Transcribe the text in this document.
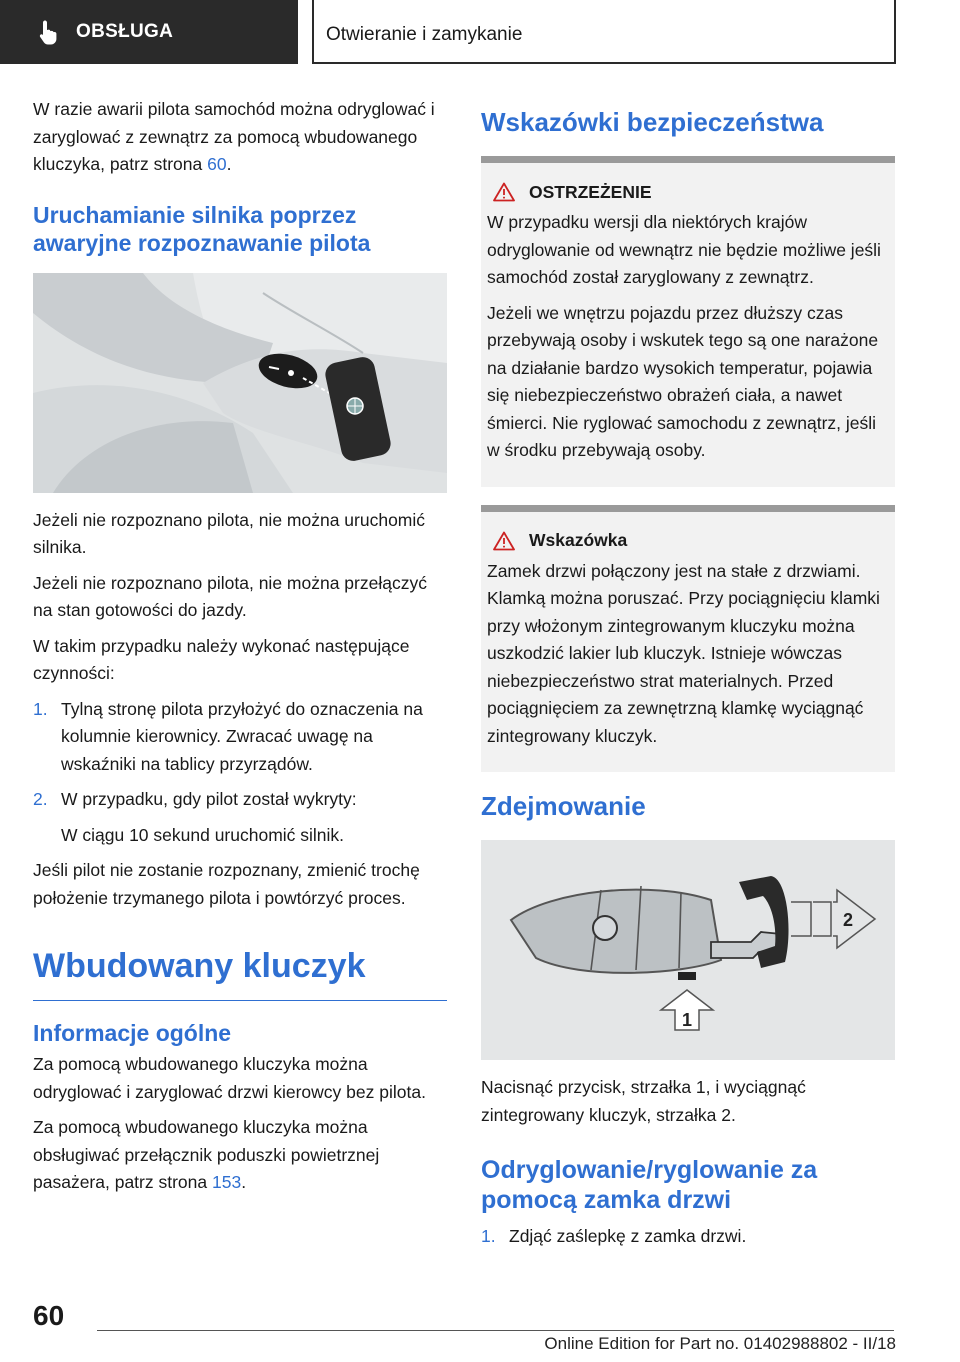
OBSŁUGA	Otwieranie i zamykanie

W razie awarii pilota samochód można odryglować i zaryglować z zewnątrz za pomocą wbudowanego kluczyka, patrz strona 60.

Uruchamianie silnika poprzez awaryjne rozpoznawanie pilota

Jeżeli nie rozpoznano pilota, nie można uruchomić silnika.

Jeżeli nie rozpoznano pilota, nie można przełączyć na stan gotowości do jazdy.

W takim przypadku należy wykonać następujące czynności:

1. Tylną stronę pilota przyłożyć do oznaczenia na kolumnie kierownicy. Zwracać uwagę na wskaźniki na tablicy przyrządów.
2. W przypadku, gdy pilot został wykryty:
W ciągu 10 sekund uruchomić silnik.

Jeśli pilot nie zostanie rozpoznany, zmienić trochę położenie trzymanego pilota i powtórzyć proces.

Wbudowany kluczyk
Informacje ogólne

Za pomocą wbudowanego kluczyka można odryglować i zaryglować drzwi kierowcy bez pilota.

Za pomocą wbudowanego kluczyka można obsługiwać przełącznik poduszki powietrznej pasażera, patrz strona 153.

Wskazówki bezpieczeństwa
OSTRZEŻENIE

W przypadku wersji dla niektórych krajów odryglowanie od wewnątrz nie będzie możliwe jeśli samochód został zaryglowany z zewnątrz.

Jeżeli we wnętrzu pojazdu przez dłuższy czas przebywają osoby i wskutek tego są one narażone na działanie bardzo wysokich temperatur, pojawia się niebezpieczeństwo obrażeń ciała, a nawet śmierci. Nie ryglować samochodu z zewnątrz, jeśli w środku przebywają osoby.

Wskazówka

Zamek drzwi połączony jest na stałe z drzwiami. Klamką można poruszać. Przy pociągnięciu klamki przy włożonym zintegrowanym kluczyku można uszkodzić lakier lub kluczyk. Istnieje wówczas niebezpieczeństwo strat materialnych. Przed pociągnięciem za zewnętrzną klamkę wyciągnąć zintegrowany kluczyk.

Zdejmowanie
2
1

Nacisnąć przycisk, strzałka 1, i wyciągnąć zintegrowany kluczyk, strzałka 2.

Odryglowanie/ryglowanie za pomocą zamka drzwi
1. Zdjąć zaślepkę z zamka drzwi.
60
Online Edition for Part no. 01402988802 - II/18
